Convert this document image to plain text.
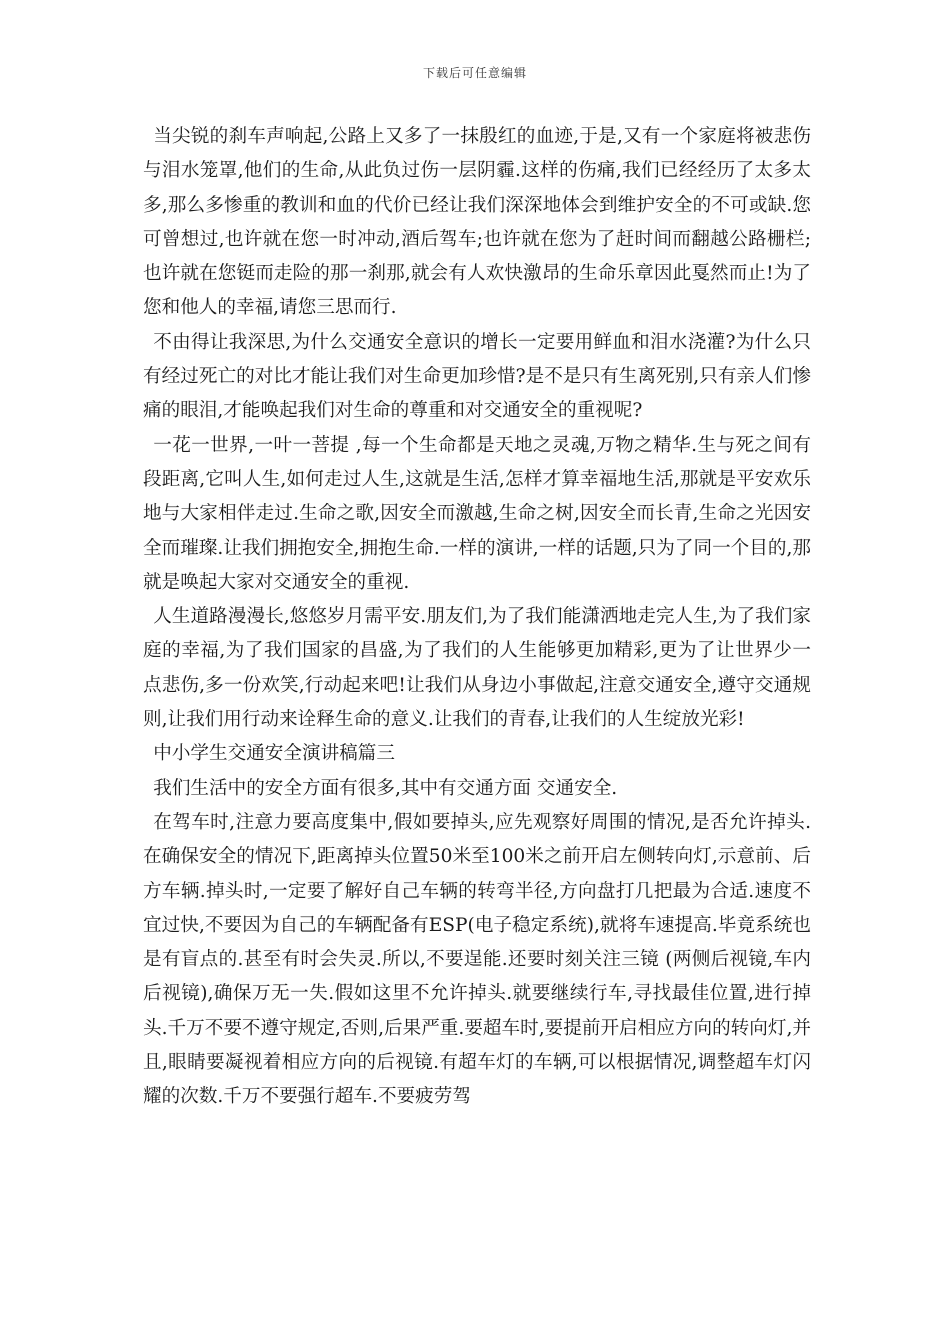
下载后可任意编辑

当尖锐的刹车声响起,公路上又多了一抹殷红的血迹,于是,又有一个家庭将被悲伤与泪水笼罩,他们的生命,从此负过伤一层阴霾.这样的伤痛,我们已经经历了太多太多,那么多惨重的教训和血的代价已经让我们深深地体会到维护安全的不可或缺.您可曾想过,也许就在您一时冲动,酒后驾车;也许就在您为了赶时间而翻越公路栅栏;也许就在您铤而走险的那一刹那,就会有人欢快激昂的生命乐章因此戛然而止!为了您和他人的幸福,请您三思而行.

不由得让我深思,为什么交通安全意识的增长一定要用鲜血和泪水浇灌?为什么只有经过死亡的对比才能让我们对生命更加珍惜?是不是只有生离死别,只有亲人们惨痛的眼泪,才能唤起我们对生命的尊重和对交通安全的重视呢?

一花一世界,一叶一菩提 ,每一个生命都是天地之灵魂,万物之精华.生与死之间有段距离,它叫人生,如何走过人生,这就是生活,怎样才算幸福地生活,那就是平安欢乐地与大家相伴走过.生命之歌,因安全而激越,生命之树,因安全而长青,生命之光因安全而璀璨.让我们拥抱安全,拥抱生命.一样的演讲,一样的话题,只为了同一个目的,那就是唤起大家对交通安全的重视.

人生道路漫漫长,悠悠岁月需平安.朋友们,为了我们能潇洒地走完人生,为了我们家庭的幸福,为了我们国家的昌盛,为了我们的人生能够更加精彩,更为了让世界少一点悲伤,多一份欢笑,行动起来吧!让我们从身边小事做起,注意交通安全,遵守交通规则,让我们用行动来诠释生命的意义.让我们的青春,让我们的人生绽放光彩!

中小学生交通安全演讲稿篇三

我们生活中的安全方面有很多,其中有交通方面 交通安全.

在驾车时,注意力要高度集中,假如要掉头,应先观察好周围的情况,是否允许掉头.在确保安全的情况下,距离掉头位置50米至100米之前开启左侧转向灯,示意前、后方车辆.掉头时,一定要了解好自己车辆的转弯半径,方向盘打几把最为合适.速度不宜过快,不要因为自己的车辆配备有ESP(电子稳定系统),就将车速提高.毕竟系统也是有盲点的.甚至有时会失灵.所以,不要逞能.还要时刻关注三镜 (两侧后视镜,车内后视镜),确保万无一失.假如这里不允许掉头.就要继续行车,寻找最佳位置,进行掉头.千万不要不遵守规定,否则,后果严重.要超车时,要提前开启相应方向的转向灯,并且,眼睛要凝视着相应方向的后视镜.有超车灯的车辆,可以根据情况,调整超车灯闪耀的次数.千万不要强行超车.不要疲劳驾
